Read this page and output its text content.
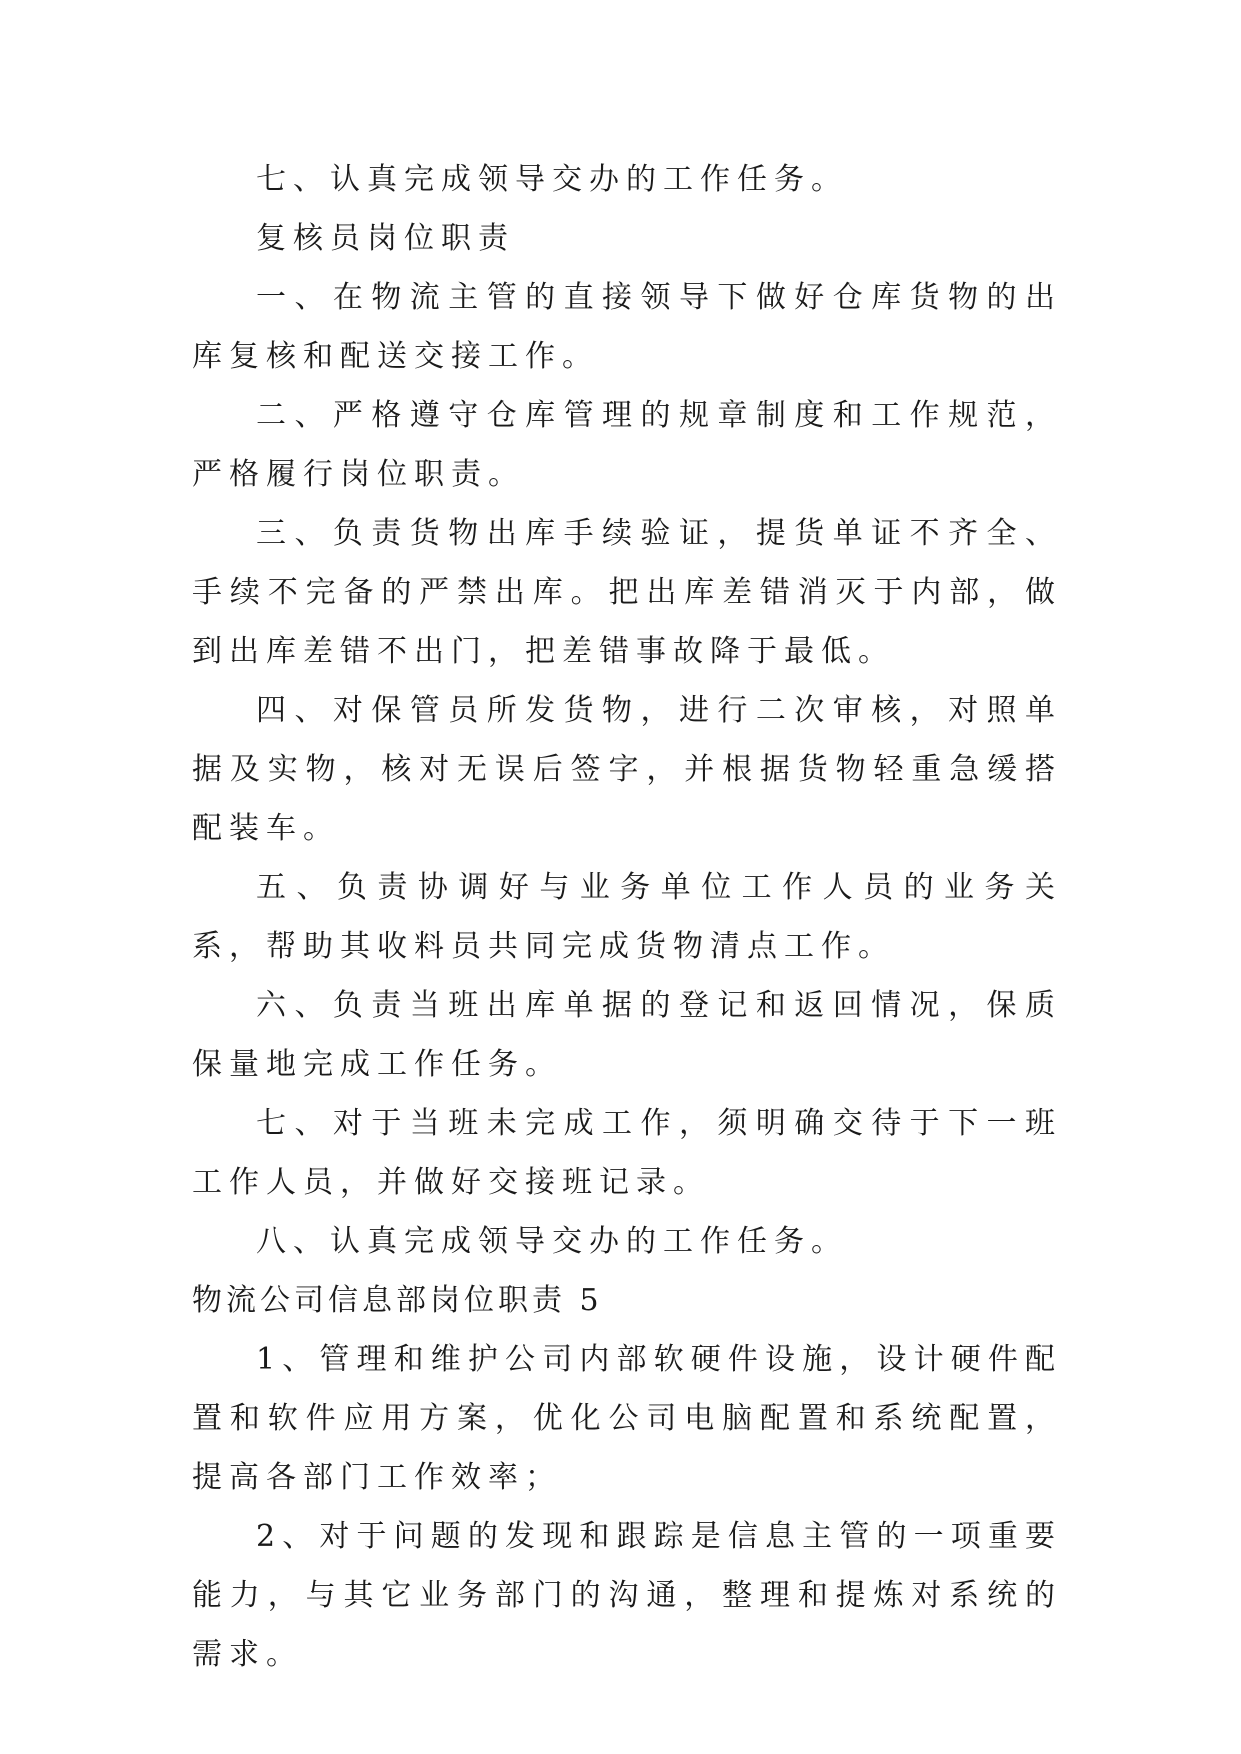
七、认真完成领导交办的工作任务。

复核员岗位职责

一、在物流主管的直接领导下做好仓库货物的出库复核和配送交接工作。

二、严格遵守仓库管理的规章制度和工作规范，严格履行岗位职责。

三、负责货物出库手续验证，提货单证不齐全、手续不完备的严禁出库。把出库差错消灭于内部，做到出库差错不出门，把差错事故降于最低。

四、对保管员所发货物，进行二次审核，对照单据及实物，核对无误后签字，并根据货物轻重急缓搭配装车。

五、负责协调好与业务单位工作人员的业务关系，帮助其收料员共同完成货物清点工作。

六、负责当班出库单据的登记和返回情况，保质保量地完成工作任务。

七、对于当班未完成工作，须明确交待于下一班工作人员，并做好交接班记录。

八、认真完成领导交办的工作任务。

物流公司信息部岗位职责 5

1、管理和维护公司内部软硬件设施，设计硬件配置和软件应用方案，优化公司电脑配置和系统配置，提高各部门工作效率；

2、对于问题的发现和跟踪是信息主管的一项重要能力，与其它业务部门的沟通，整理和提炼对系统的需求。
